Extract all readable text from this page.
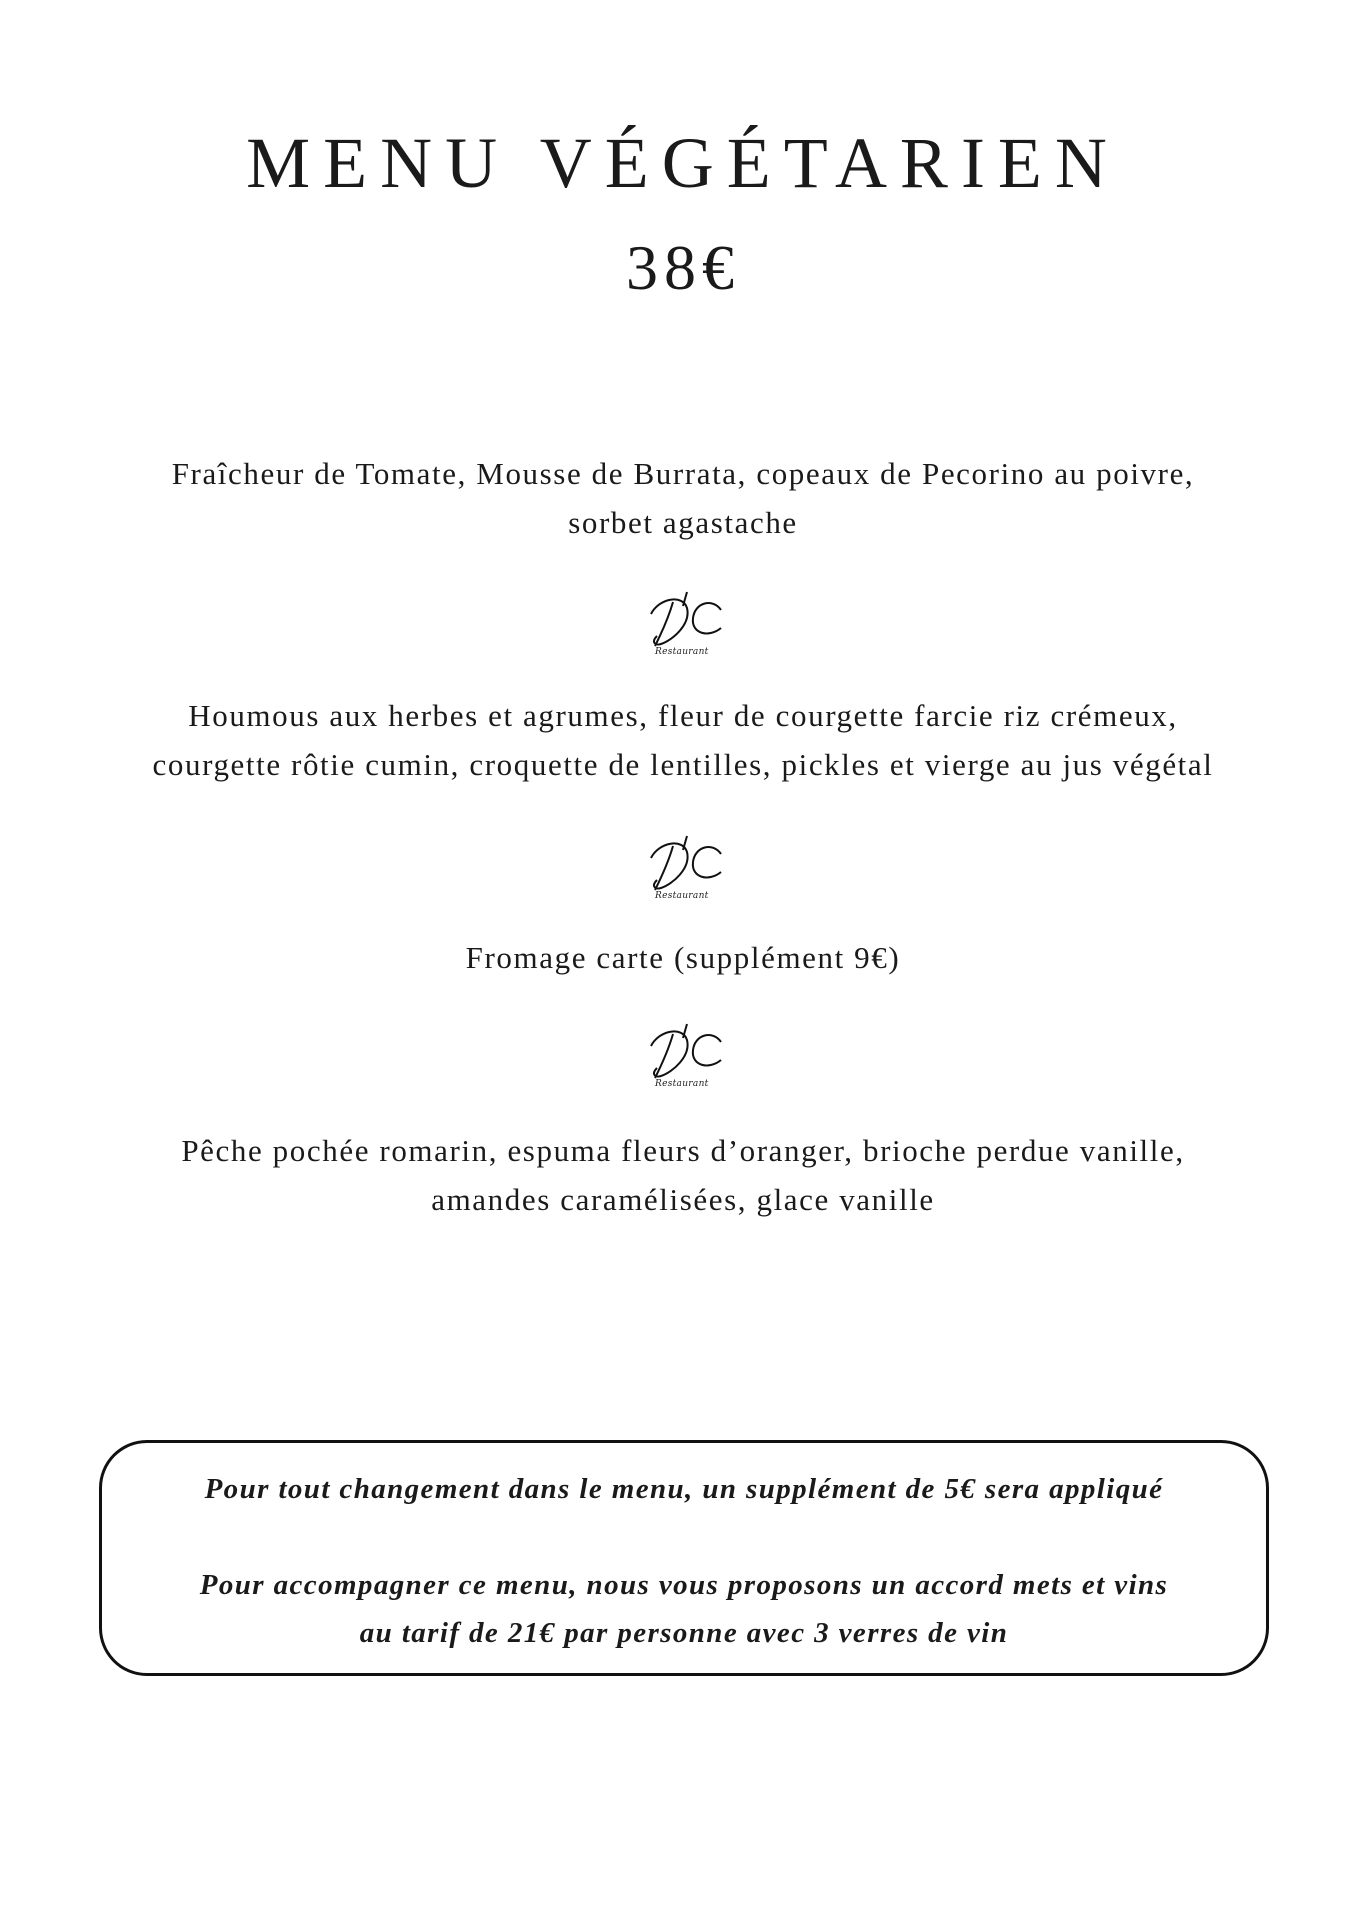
MENU VÉGÉTARIEN
38€
Fraîcheur de Tomate, Mousse de Burrata, copeaux de Pecorino au poivre,
sorbet agastache
Restaurant
Houmous aux herbes et agrumes, fleur de courgette farcie riz crémeux,
courgette rôtie cumin, croquette de lentilles, pickles et vierge au jus végétal
Restaurant
Fromage carte (supplément 9€)
Restaurant
Pêche pochée romarin, espuma fleurs d’oranger, brioche perdue vanille,
amandes caramélisées, glace vanille
Pour tout changement dans le menu, un supplément de 5€ sera appliqué
Pour accompagner ce menu, nous vous proposons un accord mets et vins
au tarif de 21€ par personne avec 3 verres de vin
